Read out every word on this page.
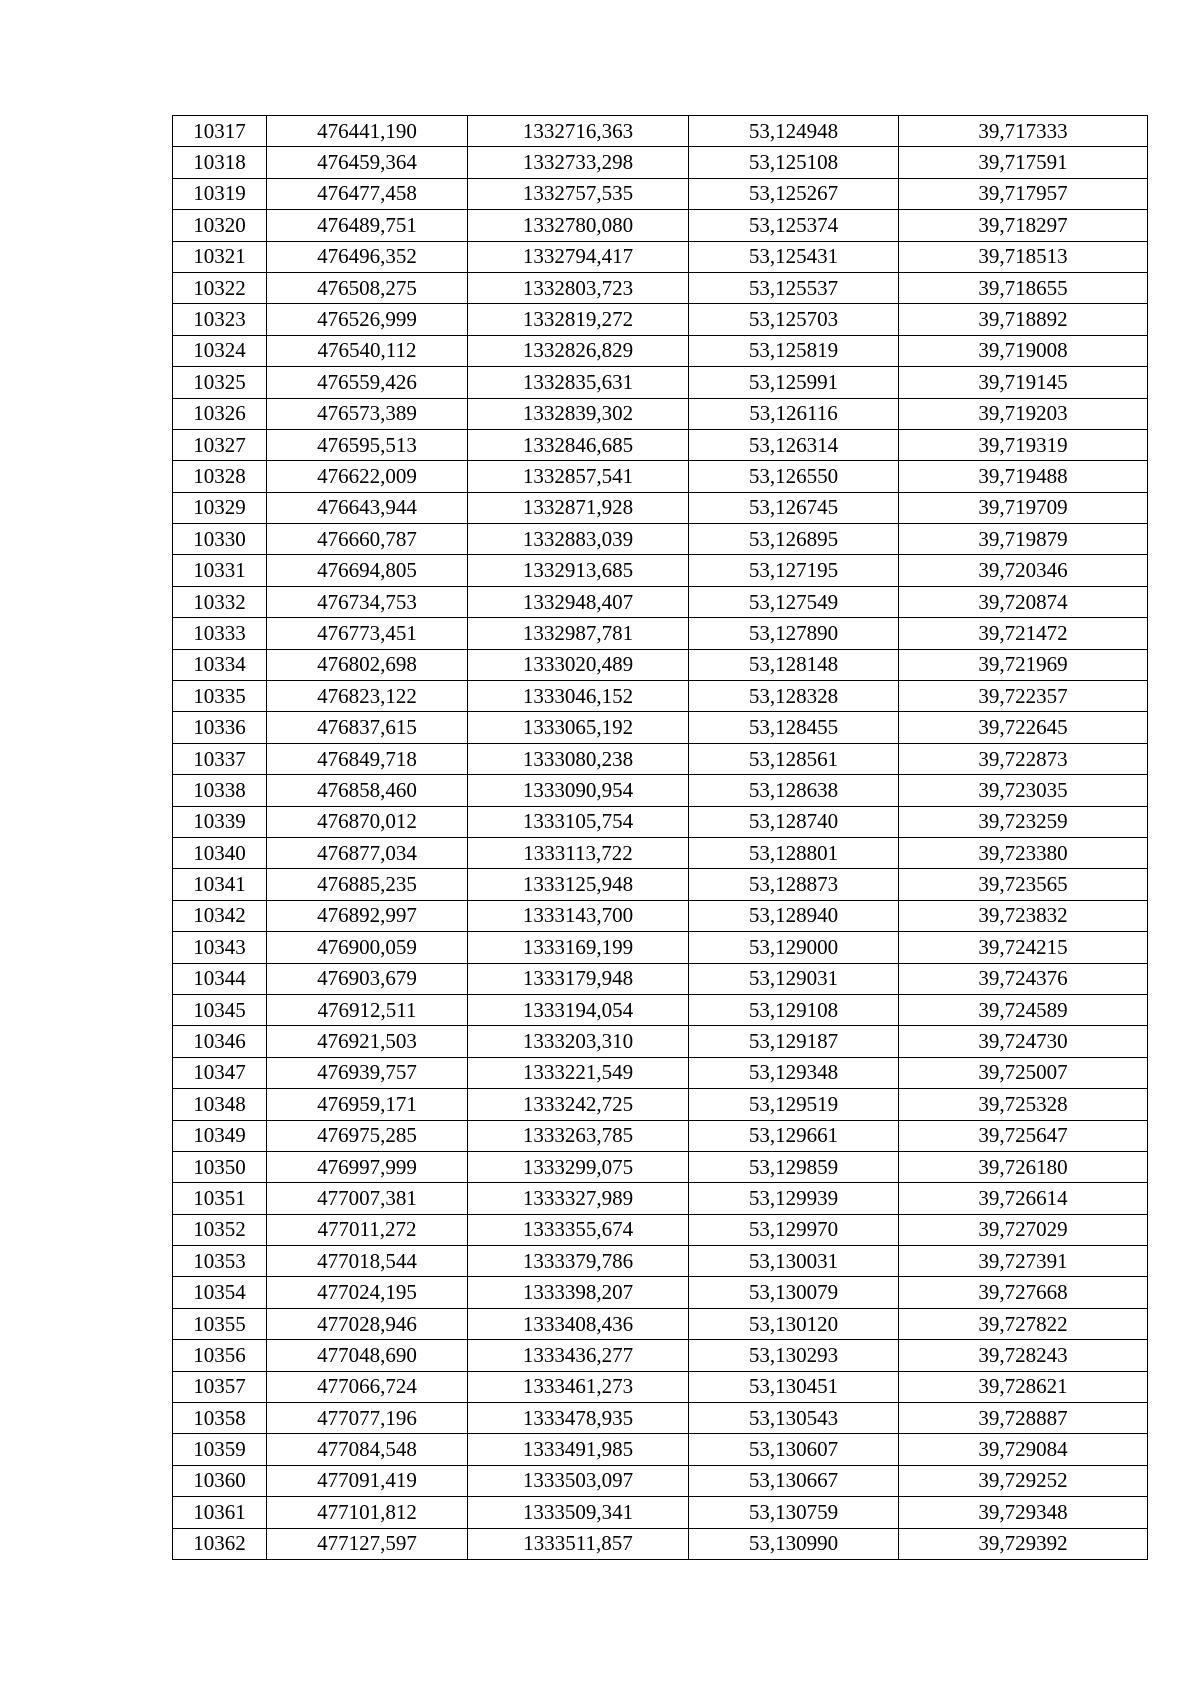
10317	476441,190	1332716,363	53,124948	39,717333
10318	476459,364	1332733,298	53,125108	39,717591
10319	476477,458	1332757,535	53,125267	39,717957
10320	476489,751	1332780,080	53,125374	39,718297
10321	476496,352	1332794,417	53,125431	39,718513
10322	476508,275	1332803,723	53,125537	39,718655
10323	476526,999	1332819,272	53,125703	39,718892
10324	476540,112	1332826,829	53,125819	39,719008
10325	476559,426	1332835,631	53,125991	39,719145
10326	476573,389	1332839,302	53,126116	39,719203
10327	476595,513	1332846,685	53,126314	39,719319
10328	476622,009	1332857,541	53,126550	39,719488
10329	476643,944	1332871,928	53,126745	39,719709
10330	476660,787	1332883,039	53,126895	39,719879
10331	476694,805	1332913,685	53,127195	39,720346
10332	476734,753	1332948,407	53,127549	39,720874
10333	476773,451	1332987,781	53,127890	39,721472
10334	476802,698	1333020,489	53,128148	39,721969
10335	476823,122	1333046,152	53,128328	39,722357
10336	476837,615	1333065,192	53,128455	39,722645
10337	476849,718	1333080,238	53,128561	39,722873
10338	476858,460	1333090,954	53,128638	39,723035
10339	476870,012	1333105,754	53,128740	39,723259
10340	476877,034	1333113,722	53,128801	39,723380
10341	476885,235	1333125,948	53,128873	39,723565
10342	476892,997	1333143,700	53,128940	39,723832
10343	476900,059	1333169,199	53,129000	39,724215
10344	476903,679	1333179,948	53,129031	39,724376
10345	476912,511	1333194,054	53,129108	39,724589
10346	476921,503	1333203,310	53,129187	39,724730
10347	476939,757	1333221,549	53,129348	39,725007
10348	476959,171	1333242,725	53,129519	39,725328
10349	476975,285	1333263,785	53,129661	39,725647
10350	476997,999	1333299,075	53,129859	39,726180
10351	477007,381	1333327,989	53,129939	39,726614
10352	477011,272	1333355,674	53,129970	39,727029
10353	477018,544	1333379,786	53,130031	39,727391
10354	477024,195	1333398,207	53,130079	39,727668
10355	477028,946	1333408,436	53,130120	39,727822
10356	477048,690	1333436,277	53,130293	39,728243
10357	477066,724	1333461,273	53,130451	39,728621
10358	477077,196	1333478,935	53,130543	39,728887
10359	477084,548	1333491,985	53,130607	39,729084
10360	477091,419	1333503,097	53,130667	39,729252
10361	477101,812	1333509,341	53,130759	39,729348
10362	477127,597	1333511,857	53,130990	39,729392
